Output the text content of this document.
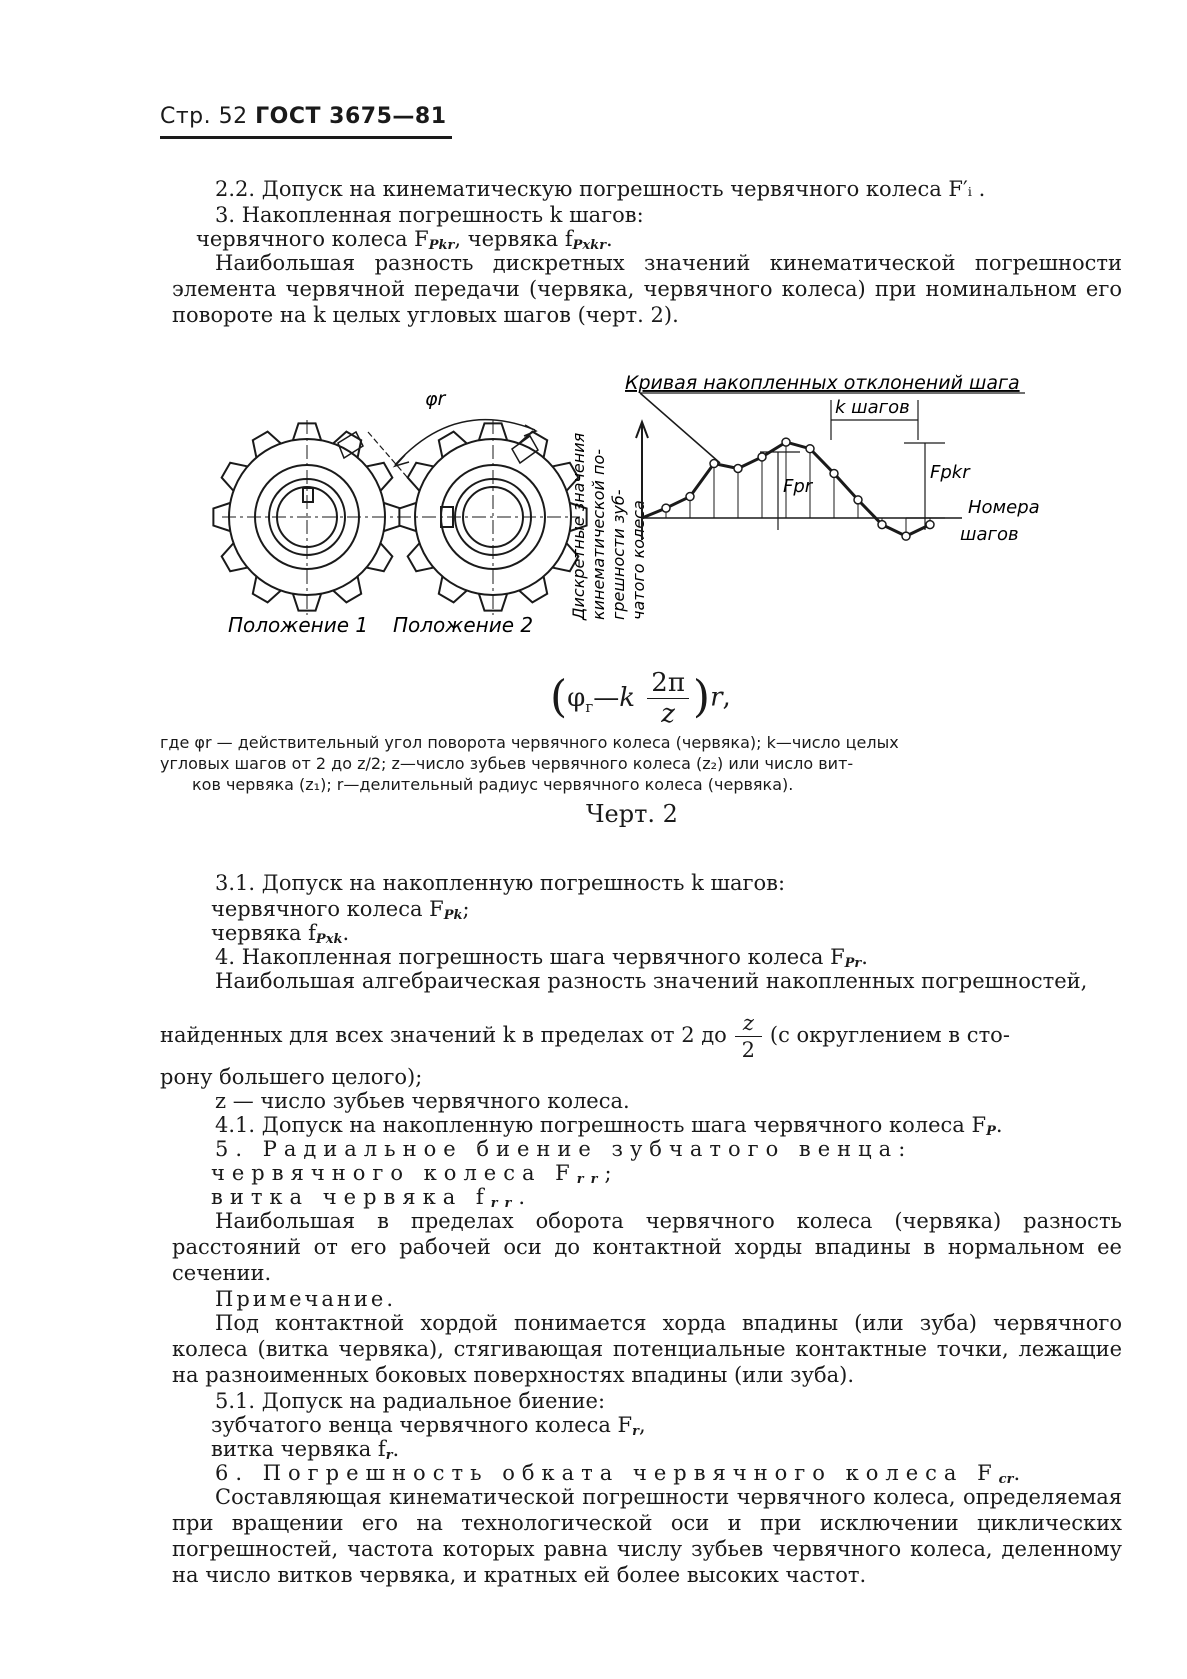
Стр. 52 ГОСТ 3675—81

2.2. Допуск на кинематическую погрешность червячного колеса F′ᵢ .

3. Накопленная погрешность k шагов:
червячного колеса $F_{Pkr}$, червяка $f_{Pxkr}$.

Наибольшая разность дискретных значений кинематической погрешности элемента червячной передачи (червяка, червячного колеса) при номинальном его повороте на k целых угловых шагов (черт. 2).

φr
Положение 1 Положение 2
Дискретные значения кинематической по- грешности зуб- чатого колеса
Кривая накопленных отклонений шага
k шагов
Fpr
Fpkr
Номера
шагов
$(\varphi_г—k \frac{2\pi}{z} )r$,
где φr — действительный угол поворота червячного колеса (червяка); k—число целых
угловых шагов от 2 до z/2; z—число зубьев червячного колеса (z₂) или число вит-
ков червяка (z₁); r—делительный радиус червячного колеса (червяка).
Черт. 2
3.1. Допуск на накопленную погрешность k шагов:
червячного колеса $F_{Pk}$;
червяка $f_{Pxk}$.
4. Накопленная погрешность шага червячного колеса $F_{Pr}$.
Наибольшая алгебраическая разность значений накопленных погрешностей,
найденных для всех значений k в пределах от 2 до $\frac{z}{2} (с$ округлением в сто-
рону большего целого);
z — число зубьев червячного колеса.
4.1. Допуск на накопленную погрешность шага червячного колеса $F_P$.
5. Радиальное биение зубчатого венца:
червячного колеса $F_{rr}$;
витка червяка $f_{rr}$.

Наибольшая в пределах оборота червячного колеса (червяка) разность расстояний от его рабочей оси до контактной хорды впадины в нормальном ее сечении.

Примечание.

Под контактной хордой понимается хорда впадины (или зуба) червячного колеса (витка червяка), стягивающая потенциальные контактные точки, лежащие на разноименных боковых поверхностях впадины (или зуба).

5.1. Допуск на радиальное биение:
зубчатого венца червячного колеса $F_r$,
витка червяка $f_r$.
6. Погрешность обката червячного колеса $F_{cr}$.

Составляющая кинематической погрешности червячного колеса, определяемая при вращении его на технологической оси и при исключении циклических погрешностей, частота которых равна числу зубьев червячного колеса, деленному на число витков червяка, и кратных ей более высоких частот.
